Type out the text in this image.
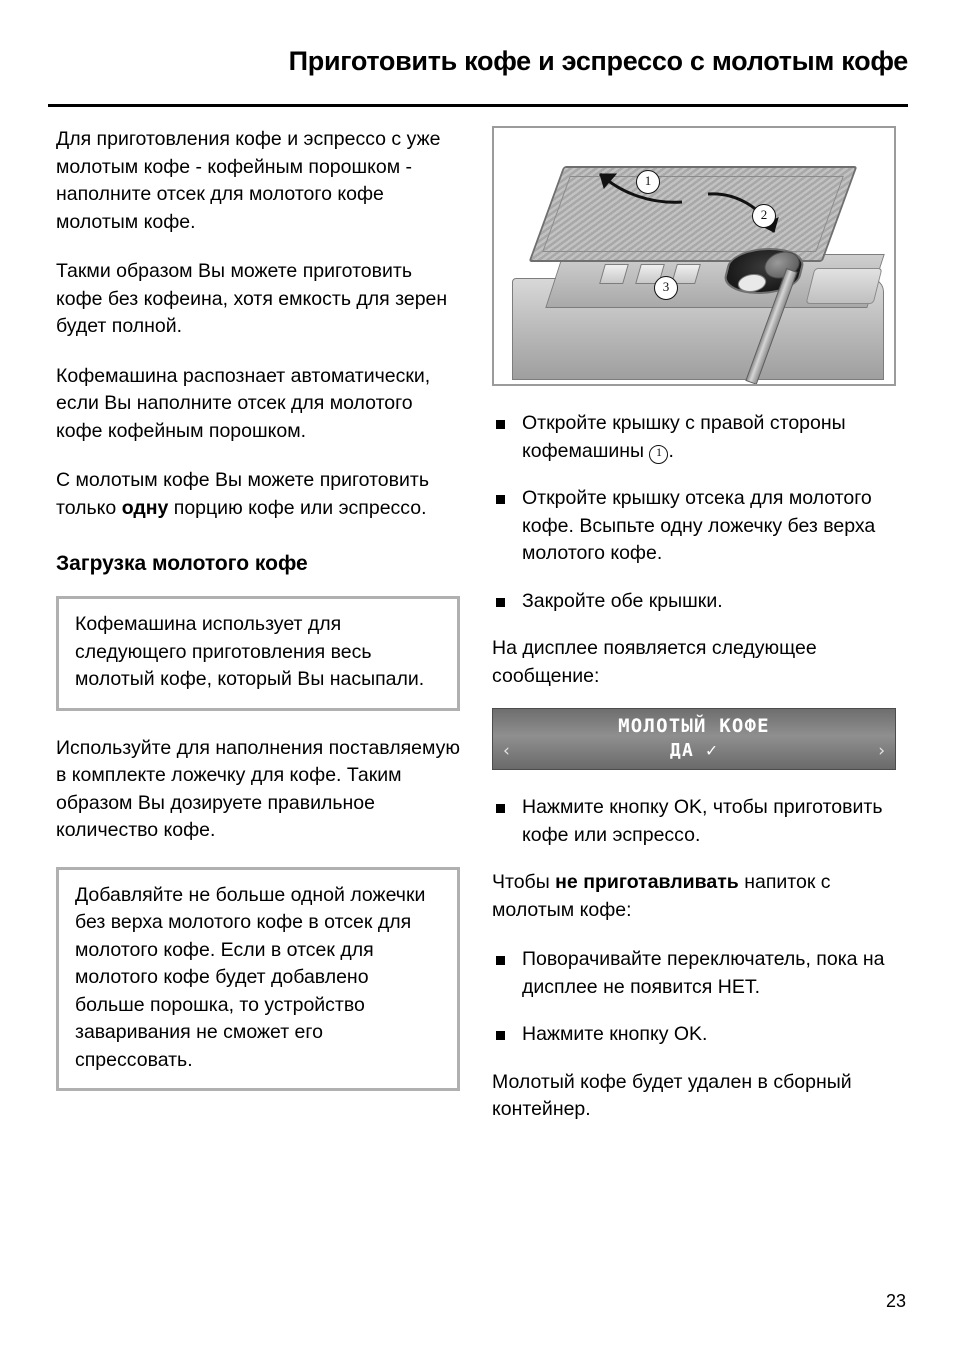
Приготовить кофе и эспрессо с молотым кофе

Для приготовления кофе и эспрессо с уже молотым кофе - кофейным порошком - наполните отсек для молотого кофе молотым кофе.

Такми образом Вы можете приготовить кофе без кофеина, хотя емкость для зерен будет полной.

Кофемашина распознает автоматически, если Вы наполните отсек для молотого кофе кофейным порошком.

С молотым кофе Вы можете приготовить только одну порцию кофе или эспрессо.

Загрузка молотого кофе
Кофемашина использует для следующего приготовления весь молотый кофе, который Вы насыпали.

Используйте для наполнения поставляемую в комплекте ложечку для кофе. Таким образом Вы дозируете правильное количество кофе.

Добавляйте не больше одной ложечки без верха молотого кофе в отсек для молотого кофе. Если в отсек для молотого кофе будет добавлено больше порошка, то устройство заваривания не сможет его спрессовать.
1
2
3
Откройте крышку с правой стороны кофемашины 1 .
Откройте крышку отсека для молотого кофе. Всыпьте одну ложечку без верха молотого кофе.
Закройте обе крышки.

На дисплее появляется следующее сообщение:

‹
МОЛОТЫЙ КОФЕ
ДА ✓	›
Нажмите кнопку OK, чтобы приготовить кофе или эспрессо.

Чтобы не приготавливать напиток с молотым кофе:

Поворачивайте переключатель, пока на дисплее не появится НЕТ.
Нажмите кнопку OK.

Молотый кофе будет удален в сборный контейнер.

23
